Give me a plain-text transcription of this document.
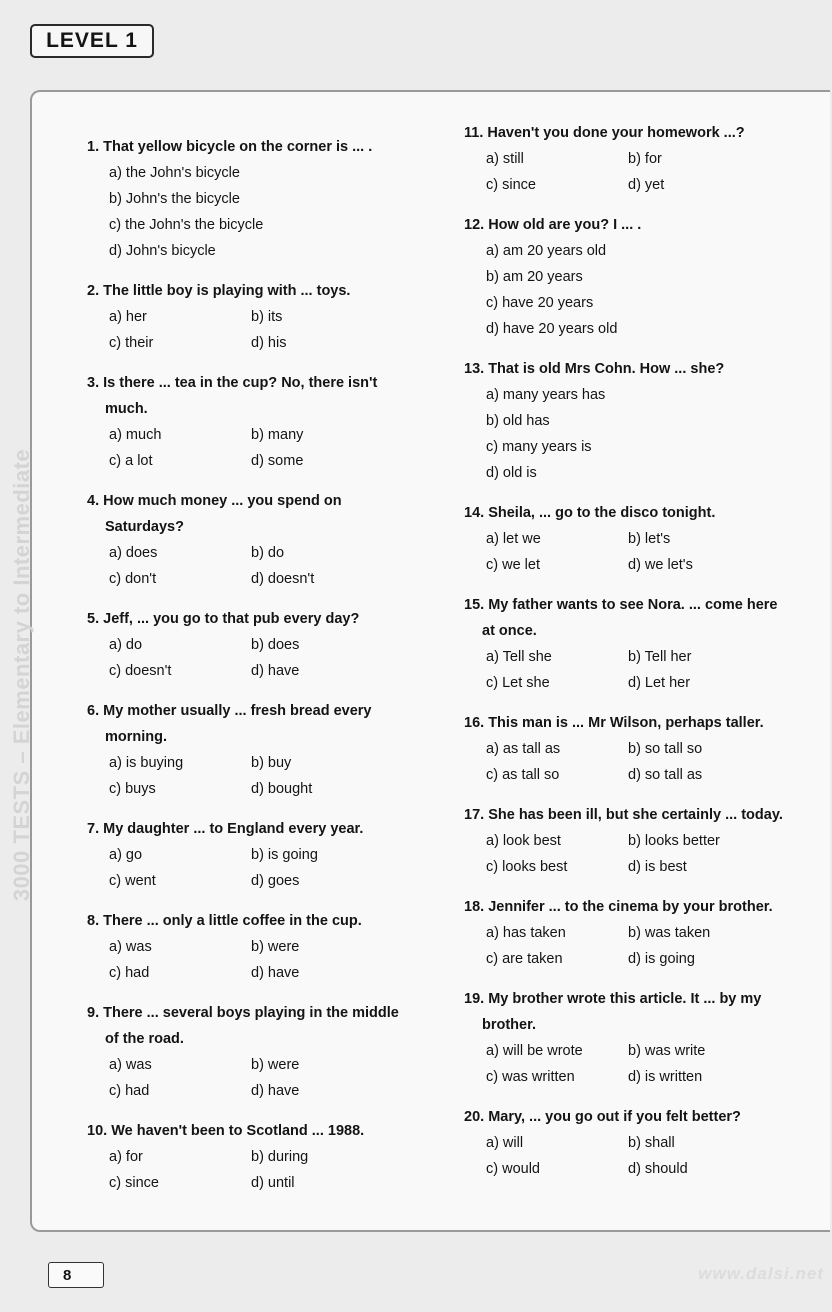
LEVEL 1
3000 TESTS – Elementary to Intermediate
1. That yellow bicycle on the corner is ... .
a) the John's bicycle
b) John's the bicycle
c) the John's the bicycle
d) John's bicycle
2. The little boy is playing with ... toys.
a) her	b) its
c) their	d) his
3. Is there ... tea in the cup? No, there isn't
much.
a) much	b) many
c) a lot	d) some
4. How much money ... you spend on
Saturdays?
a) does	b) do
c) don't	d) doesn't
5. Jeff, ... you go to that pub every day?
a) do	b) does
c) doesn't	d) have
6. My mother usually ... fresh bread every
morning.
a) is buying	b) buy
c) buys	d) bought
7. My daughter ... to England every year.
a) go	b) is going
c) went	d) goes
8. There ... only a little coffee in the cup.
a) was	b) were
c) had	d) have
9. There ... several boys playing in the middle
of the road.
a) was	b) were
c) had	d) have
10. We haven't been to Scotland ... 1988.
a) for	b) during
c) since	d) until
11. Haven't you done your homework ...?
a) still	b) for
c) since	d) yet
12. How old are you? I ... .
a) am 20 years old
b) am 20 years
c) have 20 years
d) have 20 years old
13. That is old Mrs Cohn. How ... she?
a) many years has
b) old has
c) many years is
d) old is
14. Sheila, ... go to the disco tonight.
a) let we	b) let's
c) we let	d) we let's
15. My father wants to see Nora. ... come here
at once.
a) Tell she	b) Tell her
c) Let she	d) Let her
16. This man is ... Mr Wilson, perhaps taller.
a) as tall as	b) so tall so
c) as tall so	d) so tall as
17. She has been ill, but she certainly ... today.
a) look best	b) looks better
c) looks best	d) is best
18. Jennifer ... to the cinema by your brother.
a) has taken	b) was taken
c) are taken	d) is going
19. My brother wrote this article. It ... by my
brother.
a) will be wrote	b) was write
c) was written	d) is written
20. Mary, ... you go out if you felt better?
a) will	b) shall
c) would	d) should
8	www.dalsi.net
